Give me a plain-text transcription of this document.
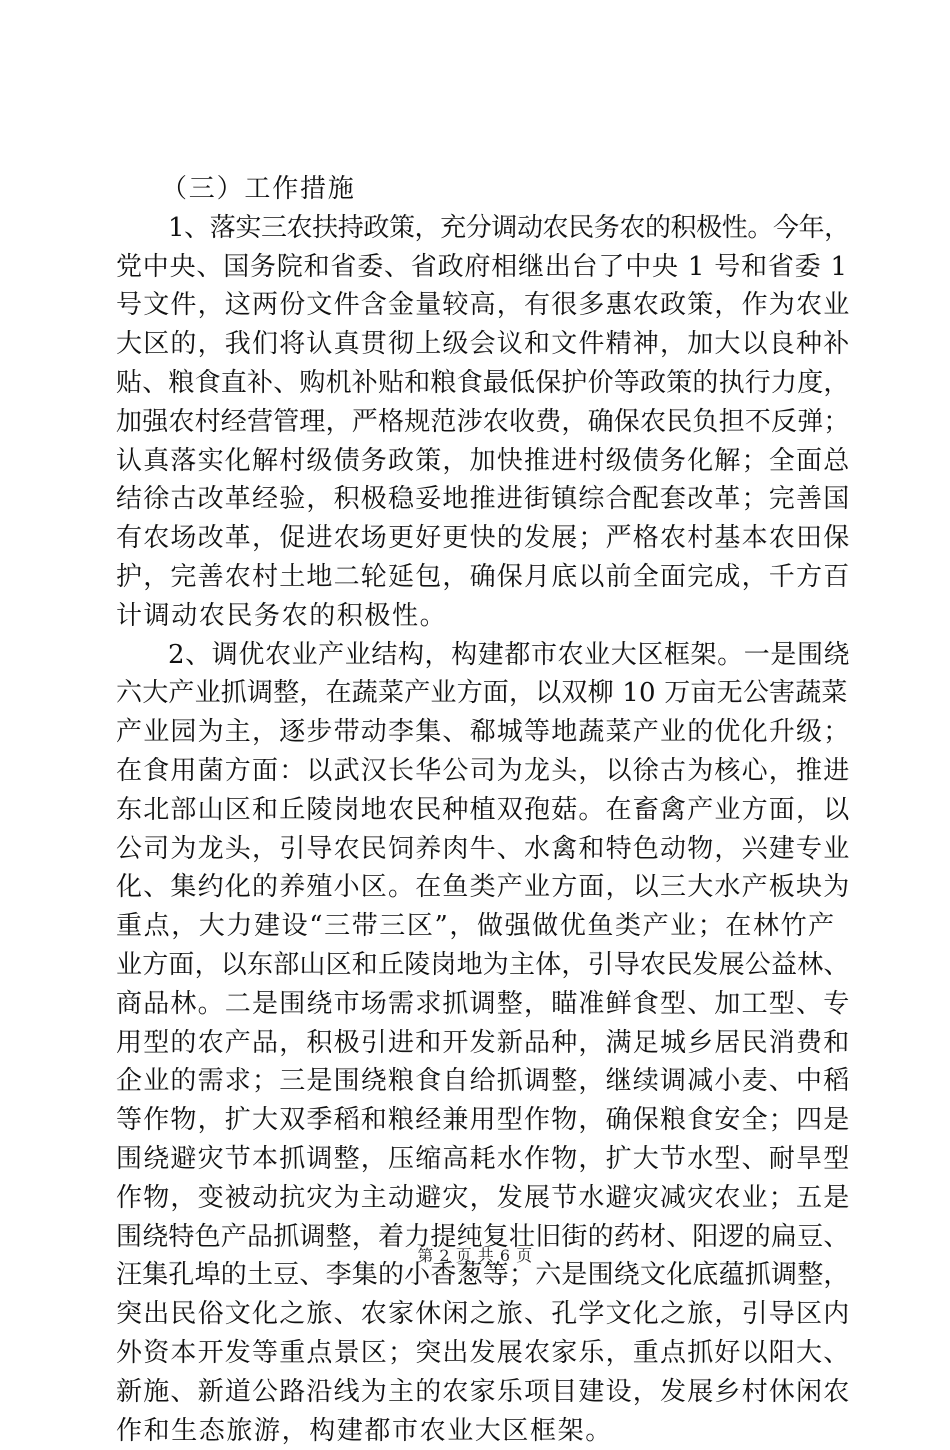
（三）工作措施
1、落实三农扶持政策，充分调动农民务农的积极性。今年，
党中央、国务院和省委、省政府相继出台了中央 1 号和省委 1
号文件，这两份文件含金量较高，有很多惠农政策，作为农业
大区的，我们将认真贯彻上级会议和文件精神，加大以良种补
贴、粮食直补、购机补贴和粮食最低保护价等政策的执行力度，
加强农村经营管理，严格规范涉农收费，确保农民负担不反弹；
认真落实化解村级债务政策，加快推进村级债务化解；全面总
结徐古改革经验，积极稳妥地推进街镇综合配套改革；完善国
有农场改革，促进农场更好更快的发展；严格农村基本农田保
护，完善农村土地二轮延包，确保月底以前全面完成，千方百
计调动农民务农的积极性。
2、调优农业产业结构，构建都市农业大区框架。一是围绕
六大产业抓调整，在蔬菜产业方面，以双柳 10 万亩无公害蔬菜
产业园为主，逐步带动李集、郗城等地蔬菜产业的优化升级；
在食用菌方面：以武汉长华公司为龙头，以徐古为核心，推进
东北部山区和丘陵岗地农民种植双孢菇。在畜禽产业方面，以
公司为龙头，引导农民饲养肉牛、水禽和特色动物，兴建专业
化、集约化的养殖小区。在鱼类产业方面，以三大水产板块为
重点，大力建设“三带三区”，做强做优鱼类产业；在林竹产
业方面，以东部山区和丘陵岗地为主体，引导农民发展公益林、
商品林。二是围绕市场需求抓调整，瞄准鲜食型、加工型、专
用型的农产品，积极引进和开发新品种，满足城乡居民消费和
企业的需求；三是围绕粮食自给抓调整，继续调减小麦、中稻
等作物，扩大双季稻和粮经兼用型作物，确保粮食安全；四是
围绕避灾节本抓调整，压缩高耗水作物，扩大节水型、耐旱型
作物，变被动抗灾为主动避灾，发展节水避灾减灾农业；五是
围绕特色产品抓调整，着力提纯复壮旧街的药材、阳逻的扁豆、
汪集孔埠的土豆、李集的小香葱等；六是围绕文化底蕴抓调整，
突出民俗文化之旅、农家休闲之旅、孔学文化之旅，引导区内
外资本开发等重点景区；突出发展农家乐，重点抓好以阳大、
新施、新道公路沿线为主的农家乐项目建设，发展乡村休闲农
作和生态旅游，构建都市农业大区框架。
第 2 页 共 6 页
